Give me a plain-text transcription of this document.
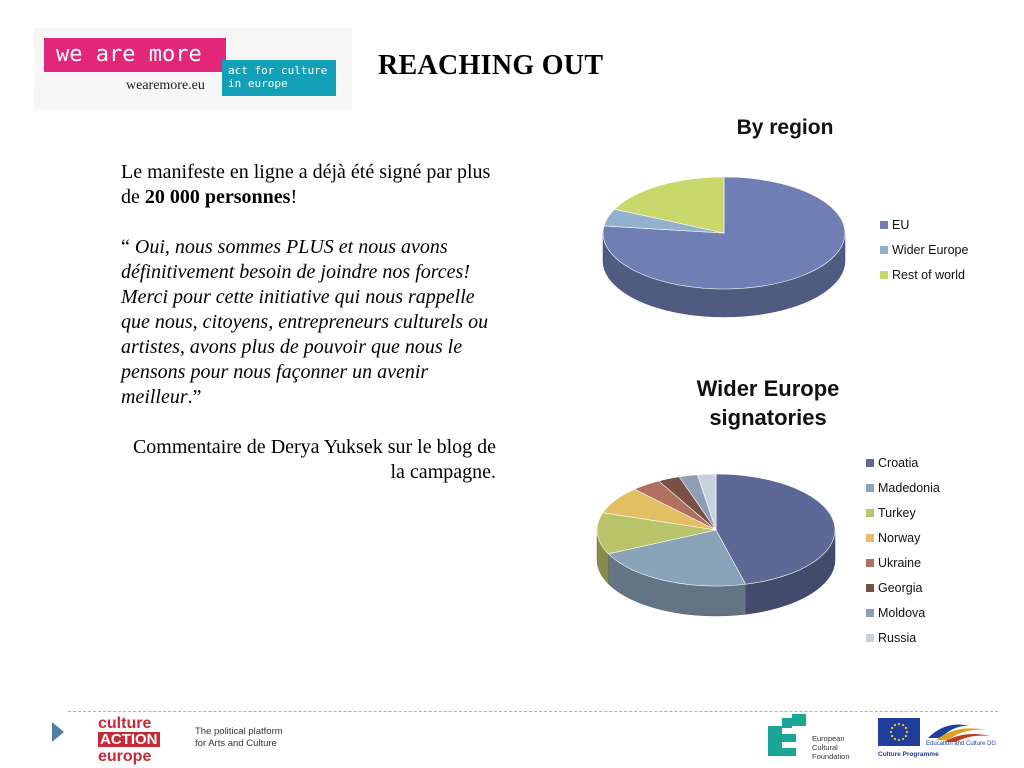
we are more
act for culture in europe
wearemore.eu
REACHING OUT

Le manifeste en ligne a déjà été signé par plus de 20 000 personnes!

“ Oui, nous sommes PLUS et nous avons définitivement besoin de joindre nos forces! Merci pour cette initiative qui nous rappelle que nous, citoyens, entrepreneurs culturels ou artistes, avons plus de pouvoir que nous le pensons pour nous façonner un avenir meilleur.”

Commentaire de Derya Yuksek sur le blog de la campagne.

By region
EU
Wider Europe
Rest of world
Wider Europe signatories
Croatia
Madedonia
Turkey
Norway
Ukraine
Georgia
Moldova
Russia
culture
ACTION
europe
The political platform
for Arts and Culture	European
Cultural
Foundation
Education and Culture DG
Culture Programme
